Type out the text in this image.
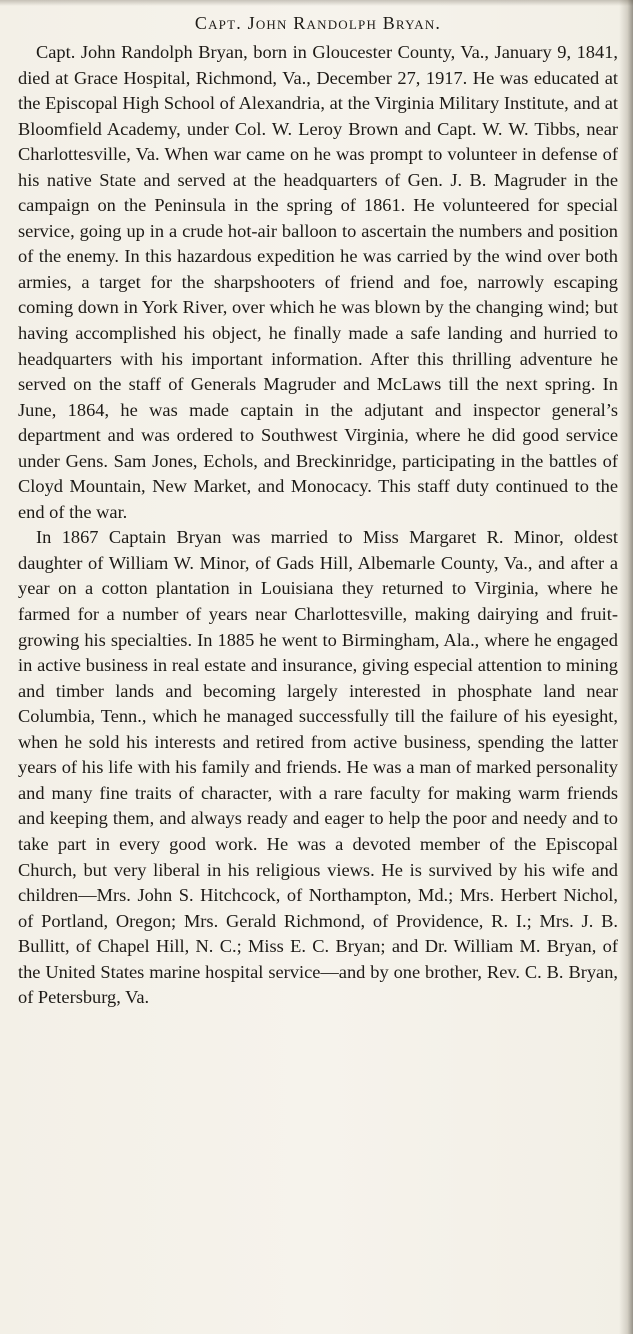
Capt. John Randolph Bryan.

Capt. John Randolph Bryan, born in Gloucester County, Va., January 9, 1841, died at Grace Hospital, Richmond, Va., December 27, 1917. He was educated at the Episcopal High School of Alexandria, at the Virginia Military Institute, and at Bloomfield Academy, under Col. W. Leroy Brown and Capt. W. W. Tibbs, near Charlottesville, Va. When war came on he was prompt to volunteer in defense of his native State and served at the headquarters of Gen. J. B. Magruder in the campaign on the Peninsula in the spring of 1861. He volunteered for special service, going up in a crude hot-air balloon to ascertain the numbers and position of the enemy. In this hazardous expedition he was carried by the wind over both armies, a target for the sharpshooters of friend and foe, narrowly escaping coming down in York River, over which he was blown by the changing wind; but having accomplished his object, he finally made a safe landing and hurried to headquarters with his important information. After this thrilling adventure he served on the staff of Generals Magruder and McLaws till the next spring. In June, 1864, he was made captain in the adjutant and inspector general’s department and was ordered to Southwest Virginia, where he did good service under Gens. Sam Jones, Echols, and Breckinridge, participating in the battles of Cloyd Mountain, New Market, and Monocacy. This staff duty continued to the end of the war.

In 1867 Captain Bryan was married to Miss Margaret R. Minor, oldest daughter of William W. Minor, of Gads Hill, Albemarle County, Va., and after a year on a cotton plantation in Louisiana they returned to Virginia, where he farmed for a number of years near Charlottesville, making dairying and fruit-growing his specialties. In 1885 he went to Birmingham, Ala., where he engaged in active business in real estate and insurance, giving especial attention to mining and timber lands and becoming largely interested in phosphate land near Columbia, Tenn., which he managed successfully till the failure of his eyesight, when he sold his interests and retired from active business, spending the latter years of his life with his family and friends. He was a man of marked personality and many fine traits of character, with a rare faculty for making warm friends and keeping them, and always ready and eager to help the poor and needy and to take part in every good work. He was a devoted member of the Episcopal Church, but very liberal in his religious views. He is survived by his wife and children—Mrs. John S. Hitchcock, of Northampton, Md.; Mrs. Herbert Nichol, of Portland, Oregon; Mrs. Gerald Richmond, of Providence, R. I.; Mrs. J. B. Bullitt, of Chapel Hill, N. C.; Miss E. C. Bryan; and Dr. William M. Bryan, of the United States marine hospital service—and by one brother, Rev. C. B. Bryan, of Petersburg, Va.
